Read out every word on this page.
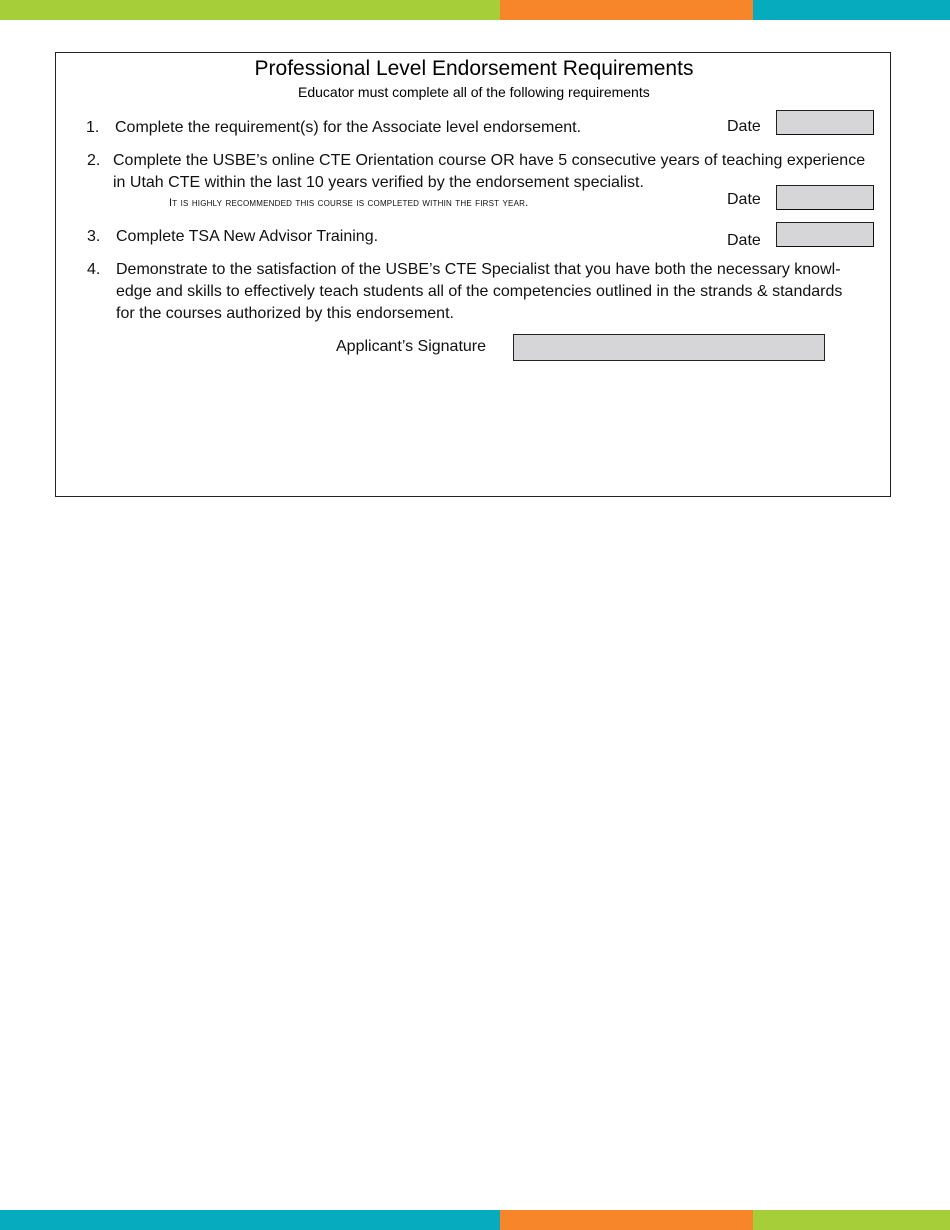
Professional Level Endorsement Requirements
Educator must complete all of the following requirements
1. Complete the requirement(s) for the Associate level endorsement.	Date
2. Complete the USBE’s online CTE Orientation course OR have 5 consecutive years of teaching experience
in Utah CTE within the last 10 years verified by the endorsement specialist.
It is highly recommended this course is completed within the first year.	Date
3. Complete TSA New Advisor Training.	Date
4. Demonstrate to the satisfaction of the USBE’s CTE Specialist that you have both the necessary knowl-
edge and skills to effectively teach students all of the competencies outlined in the strands & standards
for the courses authorized by this endorsement.
Applicant’s Signature
